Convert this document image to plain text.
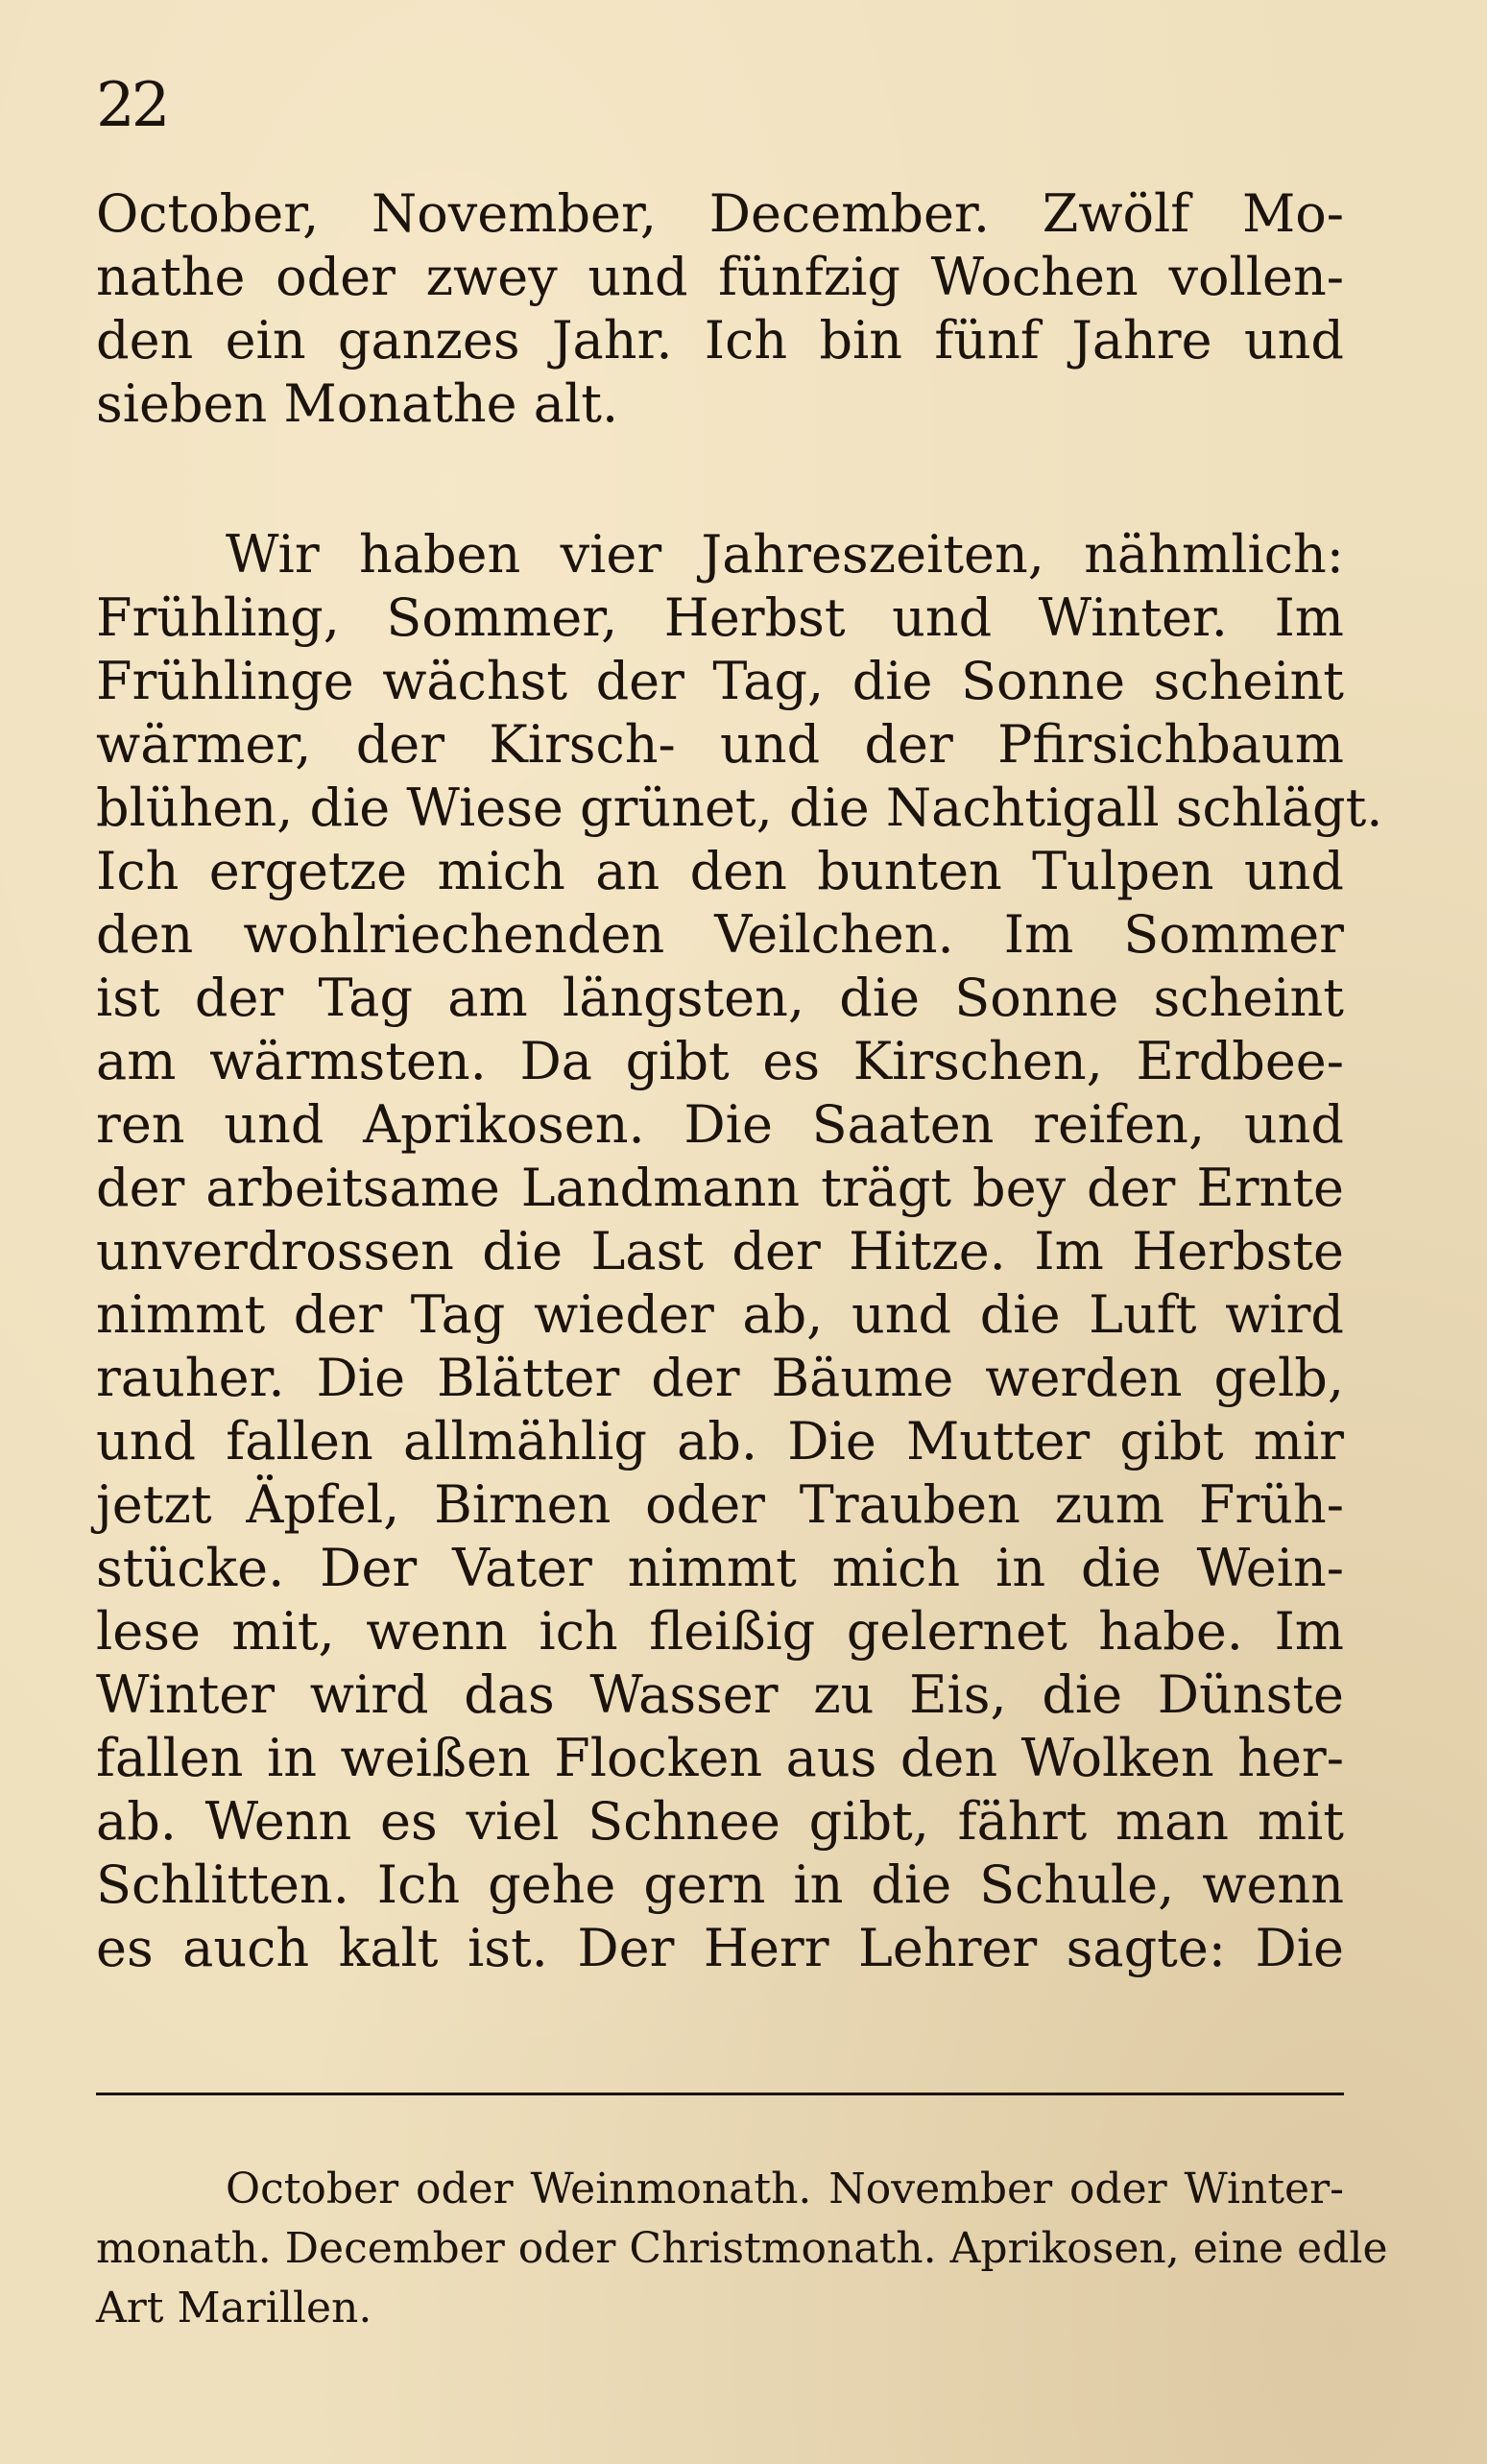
22
October, November, December. Zwölf Mo-
nathe oder zwey und fünfzig Wochen vollen-
den ein ganzes Jahr. Ich bin fünf Jahre und
sieben Monathe alt.
Wir haben vier Jahreszeiten, nähmlich:
Frühling, Sommer, Herbst und Winter. Im
Frühlinge wächst der Tag, die Sonne scheint
wärmer, der Kirsch- und der Pfirsichbaum
blühen, die Wiese grünet, die Nachtigall schlägt.
Ich ergetze mich an den bunten Tulpen und
den wohlriechenden Veilchen. Im Sommer
ist der Tag am längsten, die Sonne scheint
am wärmsten. Da gibt es Kirschen, Erdbee-
ren und Aprikosen. Die Saaten reifen, und
der arbeitsame Landmann trägt bey der Ernte
unverdrossen die Last der Hitze. Im Herbste
nimmt der Tag wieder ab, und die Luft wird
rauher. Die Blätter der Bäume werden gelb,
und fallen allmählig ab. Die Mutter gibt mir
jetzt Äpfel, Birnen oder Trauben zum Früh-
stücke. Der Vater nimmt mich in die Wein-
lese mit, wenn ich fleißig gelernet habe. Im
Winter wird das Wasser zu Eis, die Dünste
fallen in weißen Flocken aus den Wolken her-
ab. Wenn es viel Schnee gibt, fährt man mit
Schlitten. Ich gehe gern in die Schule, wenn
es auch kalt ist. Der Herr Lehrer sagte: Die
October oder Weinmonath. November oder Winter-
monath. December oder Christmonath. Aprikosen, eine edle
Art Marillen.
